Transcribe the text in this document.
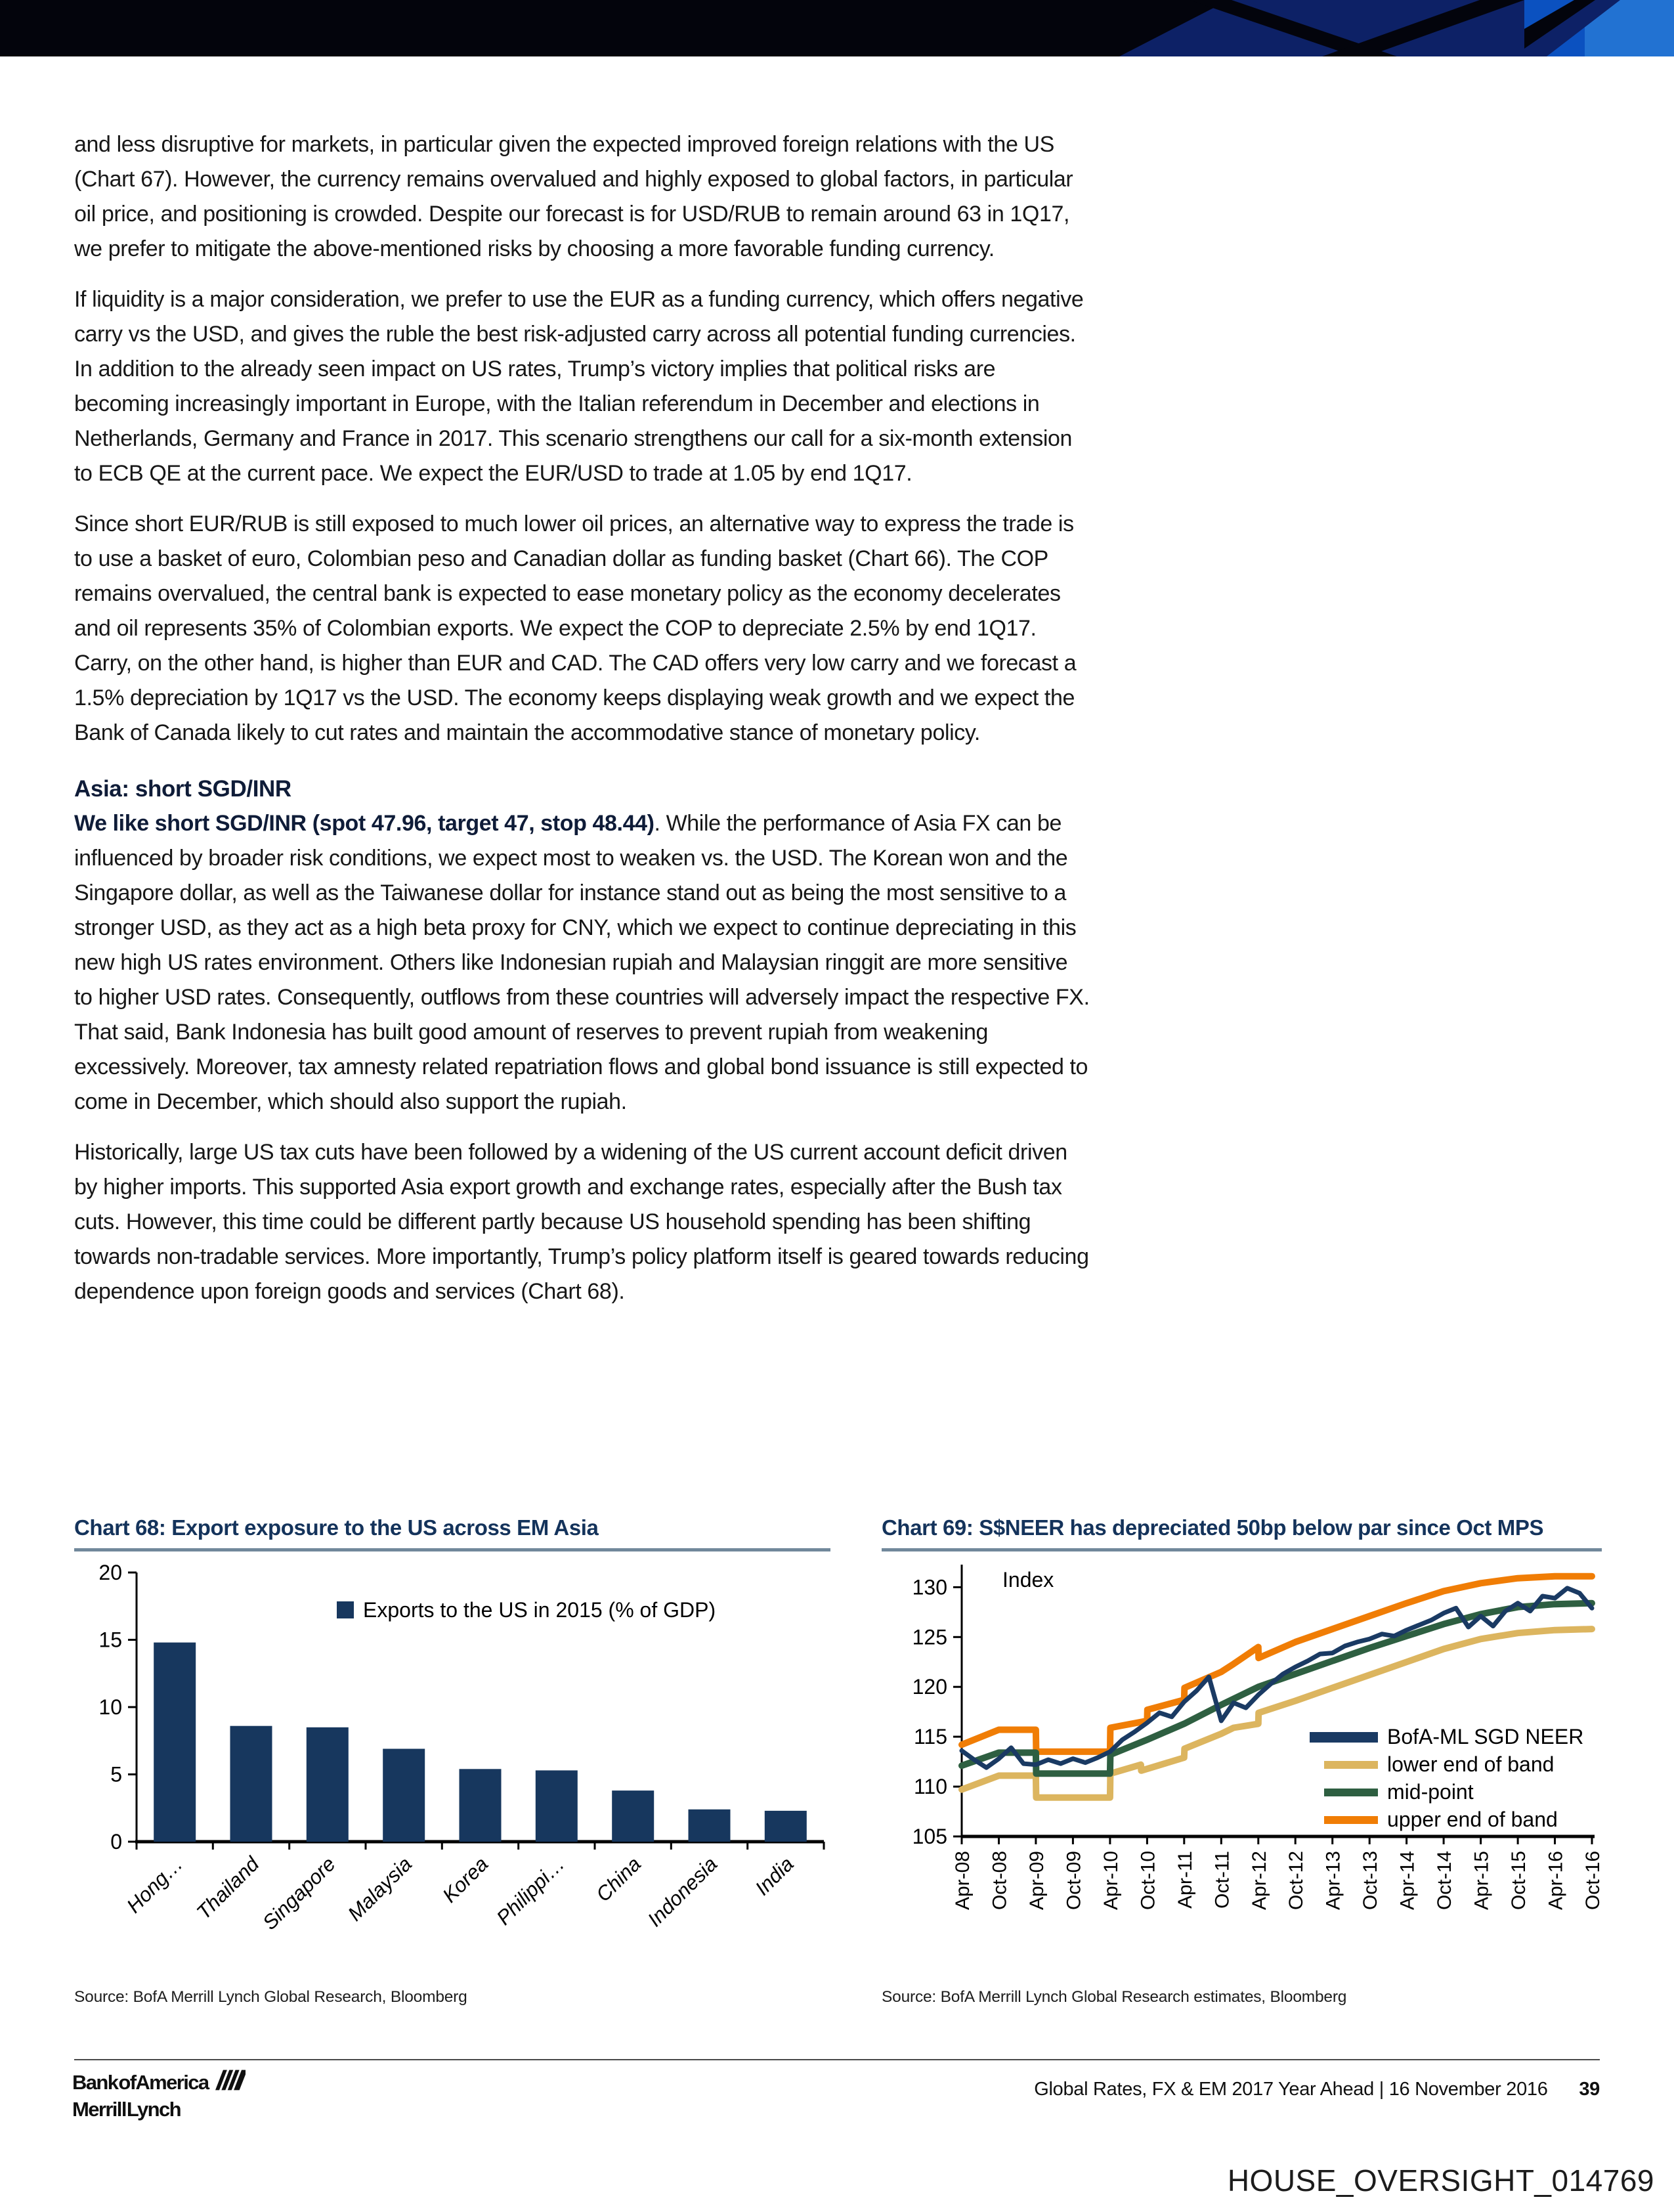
and less disruptive for markets, in particular given the expected improved foreign relations with the US (Chart 67). However, the currency remains overvalued and highly exposed to global factors, in particular oil price, and positioning is crowded. Despite our forecast is for USD/RUB to remain around 63 in 1Q17, we prefer to mitigate the above-mentioned risks by choosing a more favorable funding currency.

If liquidity is a major consideration, we prefer to use the EUR as a funding currency, which offers negative carry vs the USD, and gives the ruble the best risk-adjusted carry across all potential funding currencies. In addition to the already seen impact on US rates, Trump’s victory implies that political risks are becoming increasingly important in Europe, with the Italian referendum in December and elections in Netherlands, Germany and France in 2017. This scenario strengthens our call for a six-month extension to ECB QE at the current pace. We expect the EUR/USD to trade at 1.05 by end 1Q17.

Since short EUR/RUB is still exposed to much lower oil prices, an alternative way to express the trade is to use a basket of euro, Colombian peso and Canadian dollar as funding basket (Chart 66). The COP remains overvalued, the central bank is expected to ease monetary policy as the economy decelerates and oil represents 35% of Colombian exports. We expect the COP to depreciate 2.5% by end 1Q17. Carry, on the other hand, is higher than EUR and CAD. The CAD offers very low carry and we forecast a 1.5% depreciation by 1Q17 vs the USD. The economy keeps displaying weak growth and we expect the Bank of Canada likely to cut rates and maintain the accommodative stance of monetary policy.

Asia: short SGD/INR

We like short SGD/INR (spot 47.96, target 47, stop 48.44). While the performance of Asia FX can be influenced by broader risk conditions, we expect most to weaken vs. the USD. The Korean won and the Singapore dollar, as well as the Taiwanese dollar for instance stand out as being the most sensitive to a stronger USD, as they act as a high beta proxy for CNY, which we expect to continue depreciating in this new high US rates environment. Others like Indonesian rupiah and Malaysian ringgit are more sensitive to higher USD rates. Consequently, outflows from these countries will adversely impact the respective FX. That said, Bank Indonesia has built good amount of reserves to prevent rupiah from weakening excessively. Moreover, tax amnesty related repatriation flows and global bond issuance is still expected to come in December, which should also support the rupiah.

Historically, large US tax cuts have been followed by a widening of the US current account deficit driven by higher imports. This supported Asia export growth and exchange rates, especially after the Bush tax cuts. However, this time could be different partly because US household spending has been shifting towards non-tradable services. More importantly, Trump’s policy platform itself is geared towards reducing dependence upon foreign goods and services (Chart 68).

Chart 68: Export exposure to the US across EM Asia
0
5
10
15
20
Hong… Thailand
Singapore Malaysia Korea
Philippi… China
Indonesia India
Exports to the US in 2015 (% of GDP)
Source: BofA Merrill Lynch Global Research, Bloomberg
Chart 69: S$NEER has depreciated 50bp below par since Oct MPS
105
110
115
120
125
130
Apr-08 Oct-08 Apr-09 Oct-09 Apr-10 Oct-10 Apr-11 Oct-11 Apr-12 Oct-12 Apr-13 Oct-13 Apr-14 Oct-14 Apr-15 Oct-15 Apr-16 Oct-16
Index
BofA-ML SGD NEER
lower end of band
mid-point
upper end of band
Source: BofA Merrill Lynch Global Research estimates, Bloomberg
Bank of America
Merrill Lynch
Global Rates, FX & EM 2017 Year Ahead | 16 November 2016 39
HOUSE_OVERSIGHT_014769
